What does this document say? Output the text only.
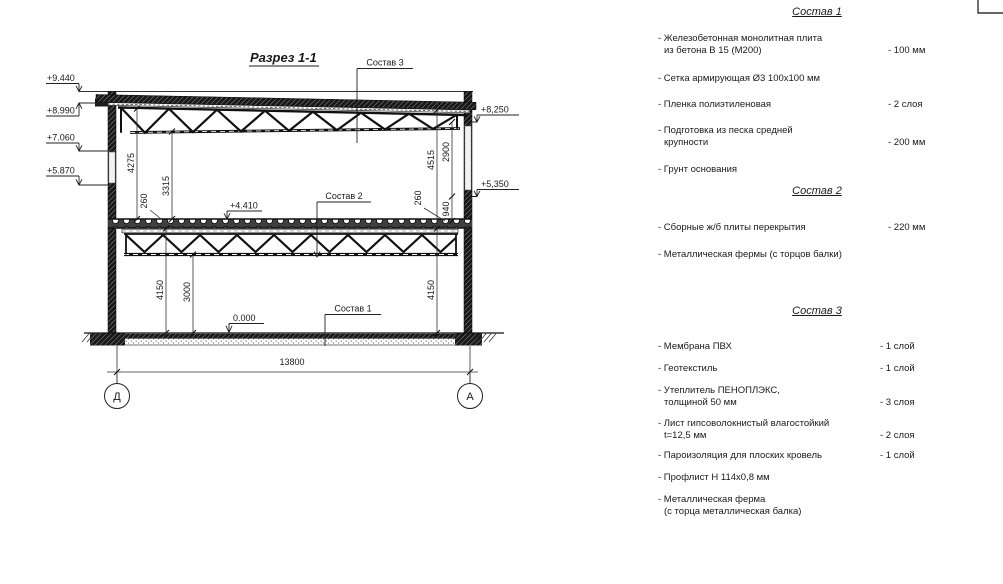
Разрез 1-1
4275
3315
260
4150 3000
4515 2900
260
940
4150
13800
+9.440
+8.990
+7.060
+5.870
+8,250
+5,350
+4.410
0.000
Состав 3
Состав 2
Состав 1
Д	А
Состав 1
- Железобетонная монолитная плита
из бетона В 15 (М200)	- 100 мм
- Сетка армирующая Ø3 100х100 мм
- Пленка полиэтиленовая	- 2 слоя
- Подготовка из песка средней
крупности	- 200 мм
- Грунт основания
Состав 2
- Сборные ж/б плиты перекрытия	- 220 мм
- Металлическая фермы (с торцов балки)
Состав 3
- Мембрана ПВХ	- 1 слой
- Геотекстиль	- 1 слой
- Утеплитель ПЕНОПЛЭКС,
толщиной 50 мм	- 3 слоя
- Лист гипсоволокнистый влагостойкий
t=12,5 мм	- 2 слоя
- Пароизоляция для плоских кровель	- 1 слой
- Профлист Н 114х0,8 мм
- Металлическая ферма
(с торца металлическая балка)
